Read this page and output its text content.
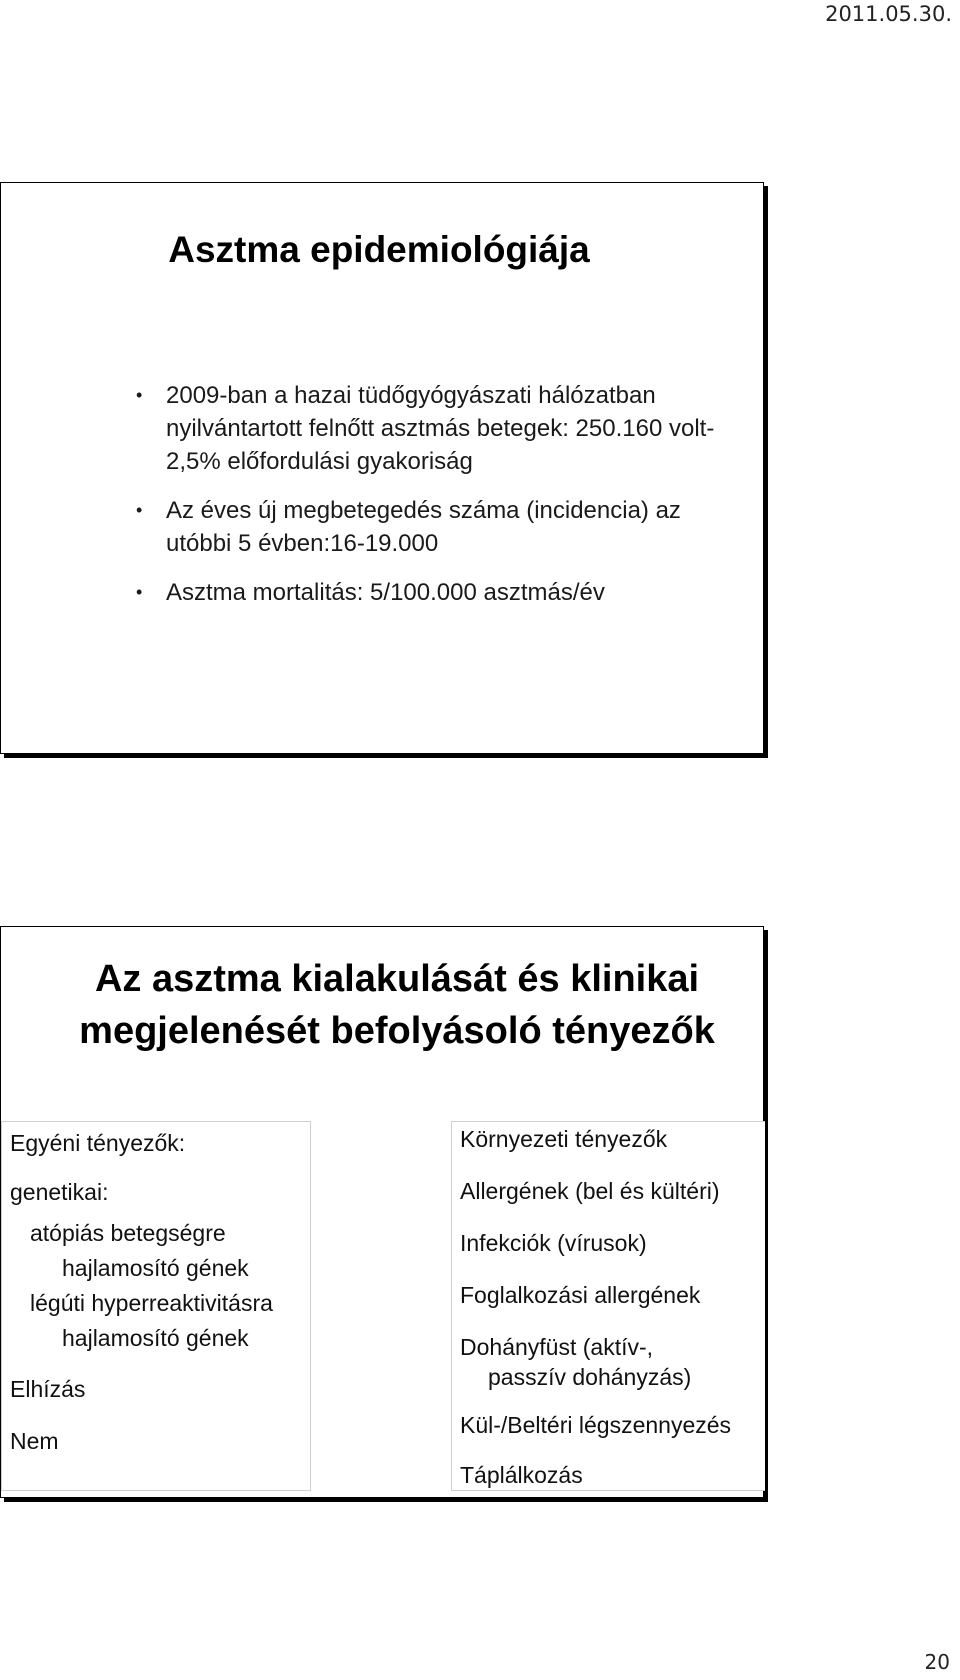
2011.05.30.
Asztma epidemiológiája
• 2009-ban a hazai tüdőgyógyászati hálózatban nyilvántartott felnőtt asztmás betegek: 250.160 volt- 2,5% előfordulási gyakoriság
• Az éves új megbetegedés száma (incidencia) az utóbbi 5 évben:16-19.000
• Asztma mortalitás: 5/100.000 asztmás/év
Az asztma kialakulását és klinikai megjelenését befolyásoló tényezők
Egyéni tényezők:
genetikai:
atópiás betegségre
hajlamosító gének
légúti hyperreaktivitásra
hajlamosító gének
Elhízás
Nem
Környezeti tényezők
Allergének (bel és kültéri)
Infekciók (vírusok)
Foglalkozási allergének
Dohányfüst (aktív-,
passzív dohányzás)
Kül-/Beltéri légszennyezés
Táplálkozás
20
